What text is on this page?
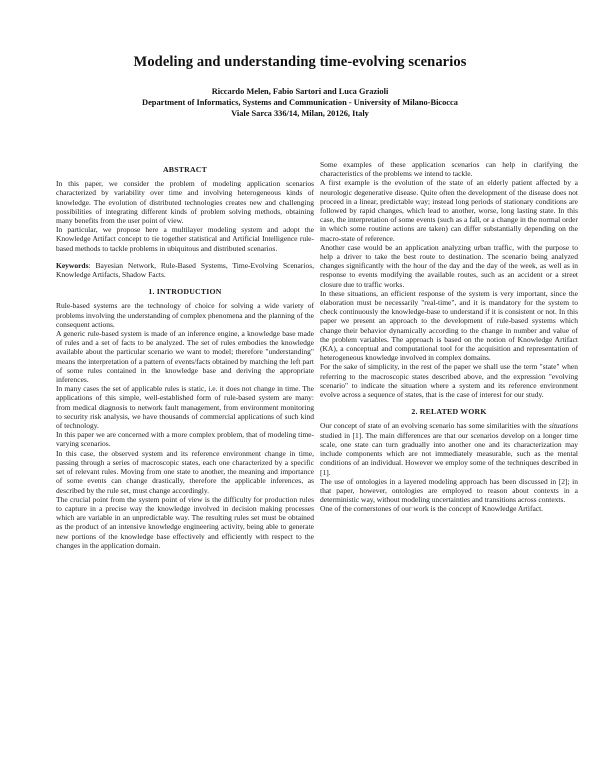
Modeling and understanding time-evolving scenarios
Riccardo Melen, Fabio Sartori and Luca Grazioli
Department of Informatics, Systems and Communication - University of Milano-Bicocca
Viale Sarca 336/14, Milan, 20126, Italy
ABSTRACT

In this paper, we consider the problem of modeling application scenarios characterized by variability over time and involving heterogeneous kinds of knowledge. The evolution of distributed technologies creates new and challenging possibilities of integrating different kinds of problem solving methods, obtaining many benefits from the user point of view.

In particular, we propose here a multilayer modeling system and adopt the Knowledge Artifact concept to tie together statistical and Artificial Intelligence rule-based methods to tackle problems in ubiquitous and distributed scenarios.

Keywords: Bayesian Network, Rule-Based Systems, Time-Evolving Scenarios, Knowledge Artifacts, Shadow Facts.

1. INTRODUCTION

Rule-based systems are the technology of choice for solving a wide variety of problems involving the understanding of complex phenomena and the planning of the consequent actions.

A generic rule-based system is made of an inference engine, a knowledge base made of rules and a set of facts to be analyzed. The set of rules embodies the knowledge available about the particular scenario we want to model; therefore "understanding" means the interpretation of a pattern of events/facts obtained by matching the left part of some rules contained in the knowledge base and deriving the appropriate inferences.

In many cases the set of applicable rules is static, i.e. it does not change in time. The applications of this simple, well-established form of rule-based system are many: from medical diagnosis to network fault management, from environment monitoring to security risk analysis, we have thousands of commercial applications of such kind of technology.

In this paper we are concerned with a more complex problem, that of modeling time-varying scenarios.

In this case, the observed system and its reference environment change in time, passing through a series of macroscopic states, each one characterized by a specific set of relevant rules. Moving from one state to another, the meaning and importance of some events can change drastically, therefore the applicable inferences, as described by the rule set, must change accordingly.

The crucial point from the system point of view is the difficulty for production rules to capture in a precise way the knowledge involved in decision making processes which are variable in an unpredictable way. The resulting rules set must be obtained as the product of an intensive knowledge engineering activity, being able to generate new portions of the knowledge base effectively and efficiently with respect to the changes in the application domain.

Some examples of these application scenarios can help in clarifying the characteristics of the problems we intend to tackle.

A first example is the evolution of the state of an elderly patient affected by a neurologic degenerative disease. Quite often the development of the disease does not proceed in a linear, predictable way; instead long periods of stationary conditions are followed by rapid changes, which lead to another, worse, long lasting state. In this case, the interpretation of some events (such as a fall, or a change in the normal order in which some routine actions are taken) can differ substantially depending on the macro-state of reference.

Another case would be an application analyzing urban traffic, with the purpose to help a driver to take the best route to destination. The scenario being analyzed changes significantly with the hour of the day and the day of the week, as well as in response to events modifying the available routes, such as an accident or a street closure due to traffic works.

In these situations, an efficient response of the system is very important, since the elaboration must be necessarily "real-time", and it is mandatory for the system to check continuously the knowledge-base to understand if it is consistent or not. In this paper we present an approach to the development of rule-based systems which change their behavior dynamically according to the change in number and value of the problem variables. The approach is based on the notion of Knowledge Artifact (KA), a conceptual and computational tool for the acquisition and representation of heterogeneous knowledge involved in complex domains.

For the sake of simplicity, in the rest of the paper we shall use the term "state" when referring to the macroscopic states described above, and the expression "evolving scenario" to indicate the situation where a system and its reference environment evolve across a sequence of states, that is the case of interest for our study.

2. RELATED WORK

Our concept of state of an evolving scenario has some similarities with the situations studied in [1]. The main differences are that our scenarios develop on a longer time scale, one state can turn gradually into another one and its characterization may include components which are not immediately measurable, such as the mental conditions of an individual. However we employ some of the techniques described in [1].

The use of ontologies in a layered modeling approach has been discussed in [2]; in that paper, however, ontologies are employed to reason about contexts in a deterministic way, without modeling uncertainties and transitions across contexts.

One of the cornerstones of our work is the concept of Knowledge Artifact.
